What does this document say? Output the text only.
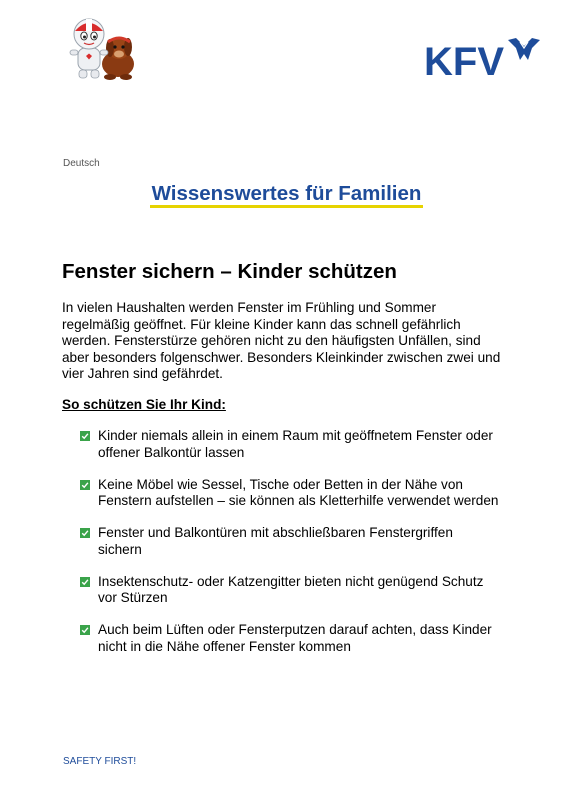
KFV

Deutsch

Wissenswertes für Familien
Fenster sichern – Kinder schützen

In vielen Haushalten werden Fenster im Frühling und Sommer regelmäßig geöffnet. Für kleine Kinder kann das schnell gefährlich werden. Fensterstürze gehören nicht zu den häufigsten Unfällen, sind aber besonders folgenschwer. Besonders Kleinkinder zwischen zwei und vier Jahren sind gefährdet.

So schützen Sie Ihr Kind:

Kinder niemals allein in einem Raum mit geöffnetem Fenster oder offener Balkontür lassen
Keine Möbel wie Sessel, Tische oder Betten in der Nähe von Fenstern aufstellen – sie können als Kletterhilfe verwendet werden
Fenster und Balkontüren mit abschließbaren Fenstergriffen sichern
Insektenschutz- oder Katzengitter bieten nicht genügend Schutz vor Stürzen
Auch beim Lüften oder Fensterputzen darauf achten, dass Kinder nicht in die Nähe offener Fenster kommen

SAFETY FIRST!
